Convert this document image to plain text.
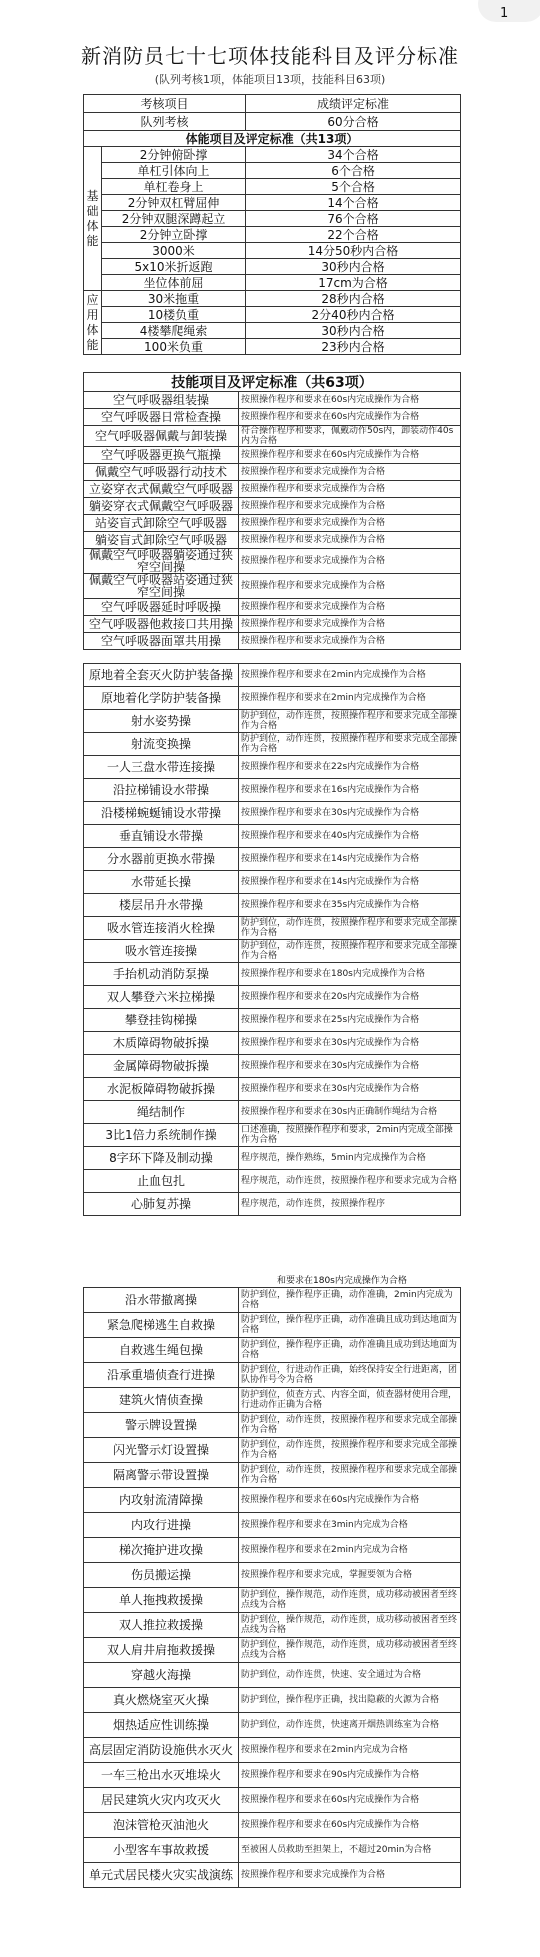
1
新消防员七十七项体技能科目及评分标准
(队列考核1项，体能项目13项，技能科目63项)
考核项目		成绩评定标准
队列考核		60分合格
体能项目及评定标准（共13项）		
基础体能	2分钟俯卧撑	34个合格
	单杠引体向上	6个合格
	单杠卷身上	5个合格
	2分钟双杠臂屈伸	14个合格
	2分钟双腿深蹲起立	76个合格
	2分钟立卧撑	22个合格
	3000米	14分50秒内合格
	5x10米折返跑	30秒内合格
	坐位体前屈	17cm为合格
应用体能	30米拖重	28秒内合格
	10楼负重	2分40秒内合格
	4楼攀爬绳索	30秒内合格
	100米负重	23秒内合格
技能项目及评定标准（共63项）
空气呼吸器组装操	按照操作程序和要求在60s内完成操作为合格
空气呼吸器日常检查操	按照操作程序和要求在60s内完成操作为合格
空气呼吸器佩戴与卸装操	符合操作程序和要求，佩戴动作50s内，卸装动作40s内为合格
空气呼吸器更换气瓶操	按照操作程序和要求在60s内完成操作为合格
佩戴空气呼吸器行动技术	按照操作程序和要求完成操作为合格
立姿穿衣式佩戴空气呼吸器	按照操作程序和要求完成操作为合格
躺姿穿衣式佩戴空气呼吸器	按照操作程序和要求完成操作为合格
站姿盲式卸除空气呼吸器	按照操作程序和要求完成操作为合格
躺姿盲式卸除空气呼吸器	按照操作程序和要求完成操作为合格
佩戴空气呼吸器躺姿通过狭窄空间操	按照操作程序和要求完成操作为合格
佩戴空气呼吸器站姿通过狭窄空间操	按照操作程序和要求完成操作为合格
空气呼吸器延时呼吸操	按照操作程序和要求完成操作为合格
空气呼吸器他救接口共用操	按照操作程序和要求完成操作为合格
空气呼吸器面罩共用操	按照操作程序和要求完成操作为合格
原地着全套灭火防护装备操	按照操作程序和要求在2min内完成操作为合格
原地着化学防护装备操	按照操作程序和要求在2min内完成操作为合格
射水姿势操	防护到位，动作连贯，按照操作程序和要求完成全部操作为合格
射流变换操	防护到位，动作连贯，按照操作程序和要求完成全部操作为合格
一人三盘水带连接操	按照操作程序和要求在22s内完成操作为合格
沿拉梯铺设水带操	按照操作程序和要求在16s内完成操作为合格
沿楼梯蜿蜒铺设水带操	按照操作程序和要求在30s内完成操作为合格
垂直铺设水带操	按照操作程序和要求在40s内完成操作为合格
分水器前更换水带操	按照操作程序和要求在14s内完成操作为合格
水带延长操	按照操作程序和要求在14s内完成操作为合格
楼层吊升水带操	按照操作程序和要求在35s内完成操作为合格
吸水管连接消火栓操	防护到位，动作连贯，按照操作程序和要求完成全部操作为合格
吸水管连接操	防护到位，动作连贯，按照操作程序和要求完成全部操作为合格
手抬机动消防泵操	按照操作程序和要求在180s内完成操作为合格
双人攀登六米拉梯操	按照操作程序和要求在20s内完成操作为合格
攀登挂钩梯操	按照操作程序和要求在25s内完成操作为合格
木质障碍物破拆操	按照操作程序和要求在30s内完成操作为合格
金属障碍物破拆操	按照操作程序和要求在30s内完成操作为合格
水泥板障碍物破拆操	按照操作程序和要求在30s内完成操作为合格
绳结制作	按照操作程序和要求在30s内正确制作绳结为合格
3比1倍力系统制作操	口述准确，按照操作程序和要求，2min内完成全部操作为合格
8字环下降及制动操	程序规范，操作熟练，5min内完成操作为合格
止血包扎	程序规范，动作连贯，按照操作程序和要求完成为合格
心肺复苏操	程序规范，动作连贯，按照操作程序
和要求在180s内完成操作为合格
沿水带撤离操	防护到位，操作程序正确，动作准确，2min内完成为合格
紧急爬梯逃生自救操	防护到位，操作程序正确，动作准确且成功到达地面为合格
自救逃生绳包操	防护到位，操作程序正确，动作准确且成功到达地面为合格
沿承重墙侦查行进操	防护到位，行进动作正确，始终保持安全行进距离，团队协作号令为合格
建筑火情侦查操	防护到位，侦查方式、内容全面，侦查器材使用合理，行进动作正确为合格
警示牌设置操	防护到位，动作连贯，按照操作程序和要求完成全部操作为合格
闪光警示灯设置操	防护到位，动作连贯，按照操作程序和要求完成全部操作为合格
隔离警示带设置操	防护到位，动作连贯，按照操作程序和要求完成全部操作为合格
内攻射流清障操	按照操作程序和要求在60s内完成操作为合格
内攻行进操	按照操作程序和要求在3min内完成为合格
梯次掩护进攻操	按照操作程序和要求在2min内完成为合格
伤员搬运操	按照操作程序和要求完成，掌握要领为合格
单人拖拽救援操	防护到位，操作规范，动作连贯，成功移动被困者至终点线为合格
双人推拉救援操	防护到位，操作规范，动作连贯，成功移动被困者至终点线为合格
双人肩井肩拖救援操	防护到位，操作规范，动作连贯，成功移动被困者至终点线为合格
穿越火海操	防护到位，动作连贯，快速、安全通过为合格
真火燃烧室灭火操	防护到位，操作程序正确，找出隐蔽的火源为合格
烟热适应性训练操	防护到位，动作连贯，快速离开烟热训练室为合格
高层固定消防设施供水灭火	按照操作程序和要求在2min内完成为合格
一车三枪出水灭堆垛火	按照操作程序和要求在90s内完成操作为合格
居民建筑火灾内攻灭火	按照操作程序和要求在60s内完成操作为合格
泡沫管枪灭油池火	按照操作程序和要求在60s内完成操作为合格
小型客车事故救援	至被困人员救助至担架上，不超过20min为合格
单元式居民楼火灾实战演练	按照操作程序和要求完成操作为合格
